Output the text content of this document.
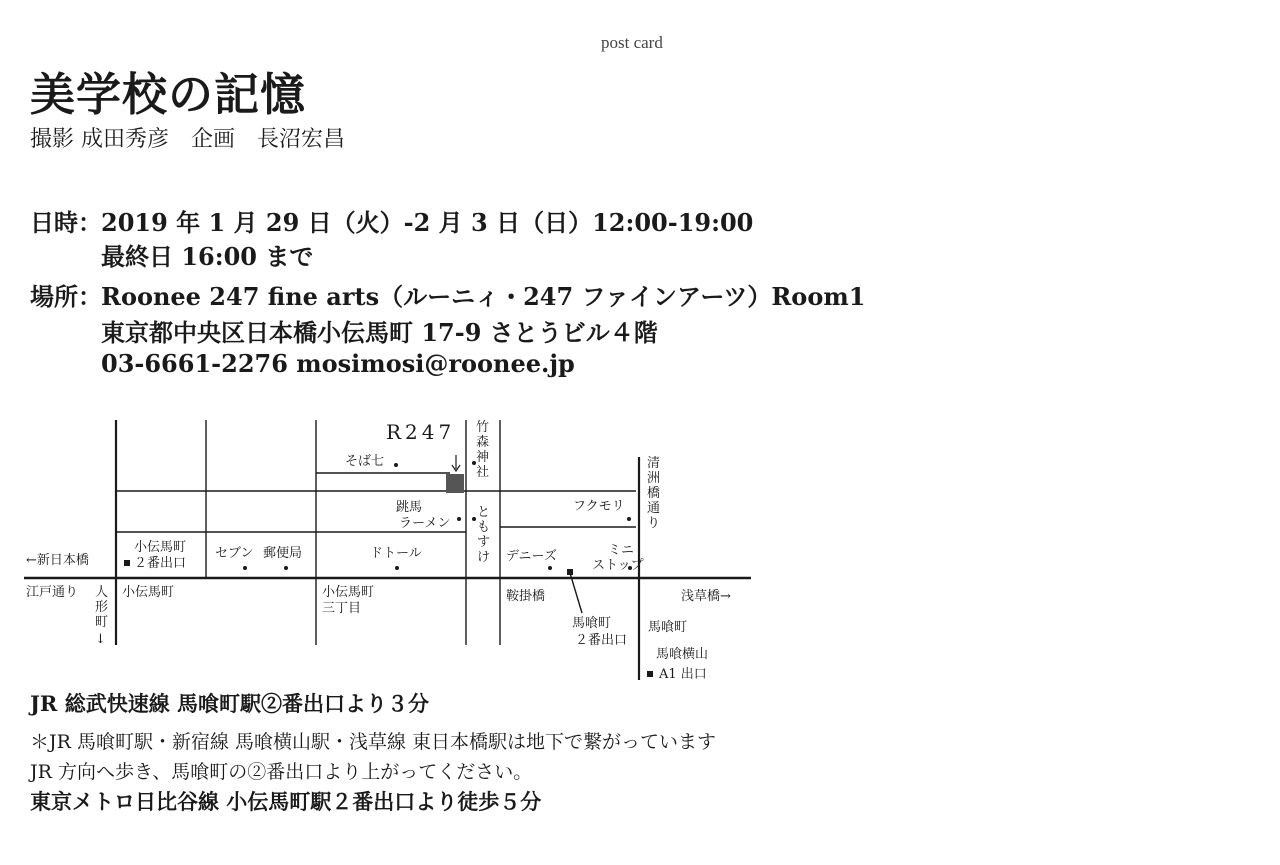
post card
美学校の記憶
撮影 成田秀彦　企画　長沼宏昌
日時： 2019 年 1 月 29 日（火）-2 月 3 日（日）12:00-19:00
最終日 16:00 まで
場所： Roonee 247 fine arts（ルーニィ・247 ファインアーツ）Room1
東京都中央区日本橋小伝馬町 17-9 さとうビル４階
03-6661-2276 mosimosi@roonee.jp
R247
そば七
竹
森
神
社
清
洲
橋
通
り
跳馬
ラーメン
と
も
す
け
フクモリ
←新日本橋
小伝馬町
２番出口
セブン 郵便局	ドトール	デニーズ	ミニ
ストップ
江戸通り 人
形
町
↓
小伝馬町	小伝馬町
三丁目
鞍掛橋	浅草橋→
馬喰町
２番出口
馬喰町
馬喰横山
A1 出口
JR 総武快速線 馬喰町駅②番出口より３分
＊JR 馬喰町駅・新宿線 馬喰横山駅・浅草線 東日本橋駅は地下で繋がっています
JR 方向へ歩き、馬喰町の②番出口より上がってください。
東京メトロ日比谷線 小伝馬町駅２番出口より徒歩５分
